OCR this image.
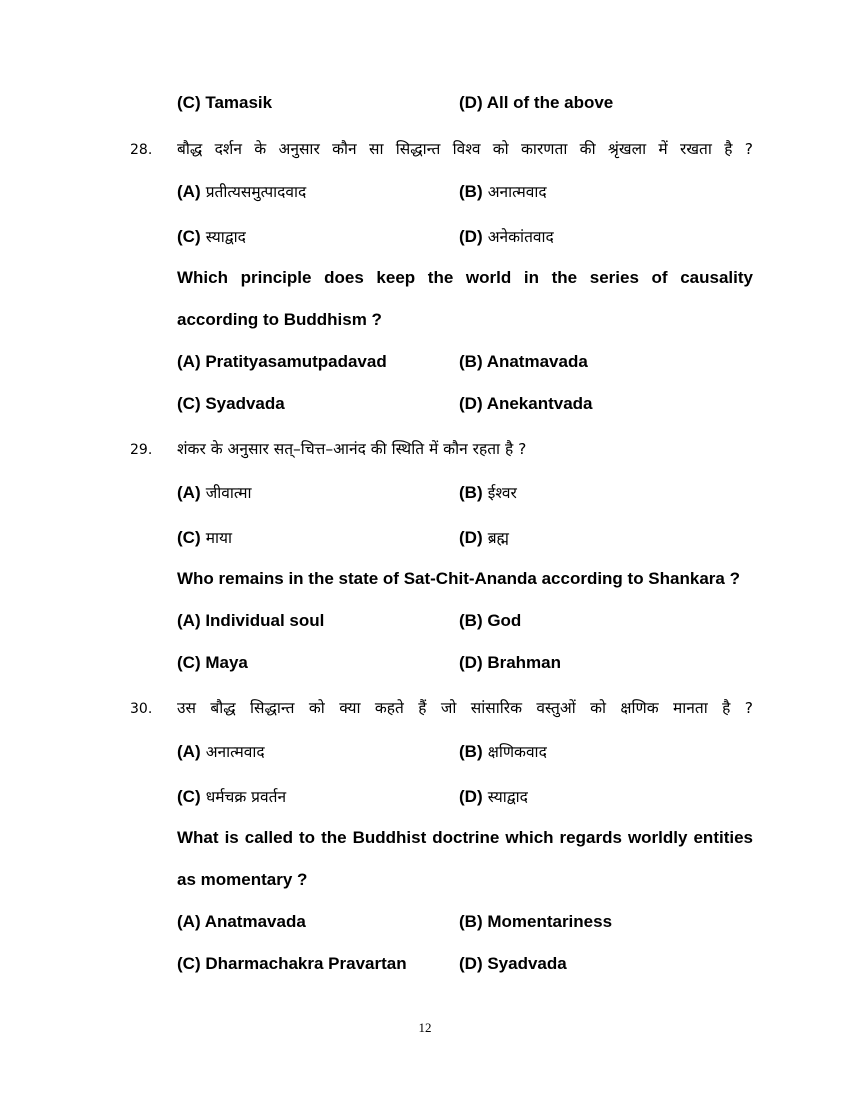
(C) Tamasik	(D) All of the above
28. बौद्ध दर्शन के अनुसार कौन सा सिद्धान्त विश्व को कारणता की श्रृंखला में रखता है ?
(A) प्रतीत्यसमुत्पादवाद	(B) अनात्मवाद
(C) स्याद्वाद	(D) अनेकांतवाद
Which principle does keep the world in the series of causality
according to Buddhism ?
(A) Pratityasamutpadavad	(B) Anatmavada
(C) Syadvada	(D) Anekantvada
29. शंकर के अनुसार सत्–चित्त–आनंद की स्थिति में कौन रहता है ?
(A) जीवात्मा	(B) ईश्वर
(C) माया	(D) ब्रह्म
Who remains in the state of Sat-Chit-Ananda according to Shankara ?
(A) Individual soul	(B) God
(C) Maya	(D) Brahman
30. उस बौद्ध सिद्धान्त को क्या कहते हैं जो सांसारिक वस्तुओं को क्षणिक मानता है ?
(A) अनात्मवाद	(B) क्षणिकवाद
(C) धर्मचक्र प्रवर्तन	(D) स्याद्वाद
What is called to the Buddhist doctrine which regards worldly entities
as momentary ?
(A) Anatmavada	(B) Momentariness
(C) Dharmachakra Pravartan	(D) Syadvada
12
